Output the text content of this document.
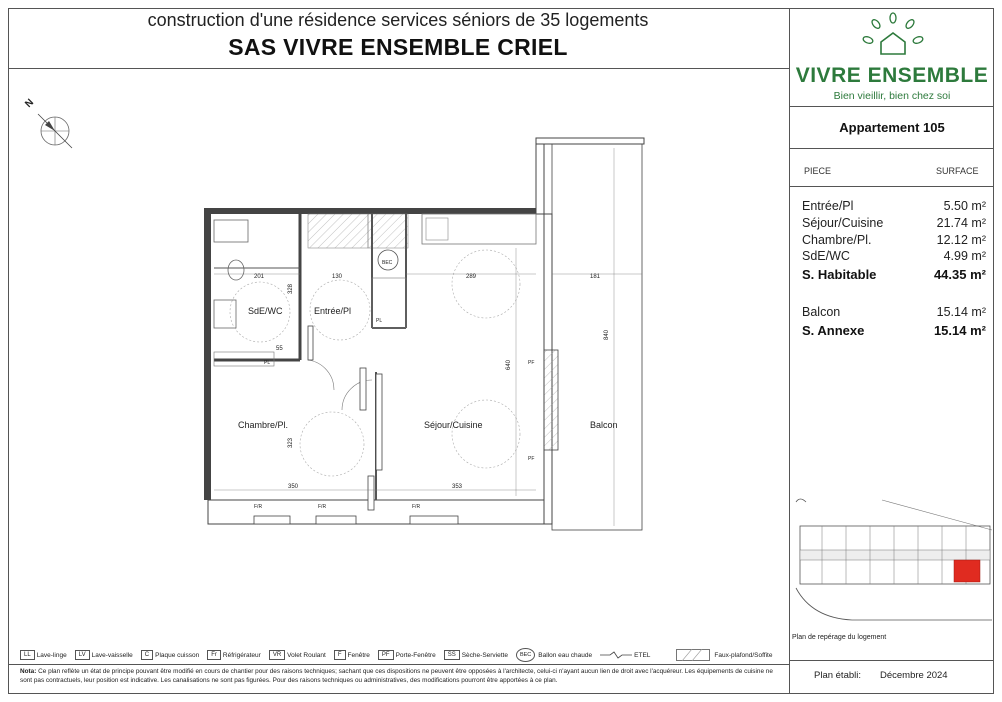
construction d'une résidence services séniors de 35 logements
SAS VIVRE ENSEMBLE CRIEL
VIVRE ENSEMBLE
Bien vieillir, bien chez soi
Appartement 105
PIECE	SURFACE
Entrée/Pl	5.50 m²
Séjour/Cuisine	21.74 m²
Chambre/Pl.	12.12 m²
SdE/WC	4.99 m²
S. Habitable	44.35 m²
Balcon	15.14 m²
S. Annexe	15.14 m²
N
SdE/WC	Entrée/Pl
Chambre/Pl.	Séjour/Cuisine	Balcon
201	130	289	181
328
640
840
323
350	353
55
BEC
PL
PL
PF
PF
F/R	F/R	F/R
Plan de repérage du logement
LL Lave-linge	LV Lave-vaisselle	C Plaque cuisson	Fr Réfrigérateur	VR Volet Roulant	F Fenêtre	PF Porte-Fenêtre	SS Sèche-Serviette	BEC	Ballon eau chaude	ETEL	Faux-plafond/Soffite
Nota: Ce plan reflète un état de principe pouvant être modifié en cours de chantier pour des raisons techniques; sachant que ces dispositions ne peuvent être opposées à l'architecte, celui-ci n'ayant aucun lien de droit avec l'acquéreur. Les équipements de cuisine ne sont pas contractuels, leur position est indicative. Les canalisations ne sont pas figurées. Pour des raisons techniques ou administratives, des modifications pourront être apportées à ce plan.	Plan établi: Décembre 2024
